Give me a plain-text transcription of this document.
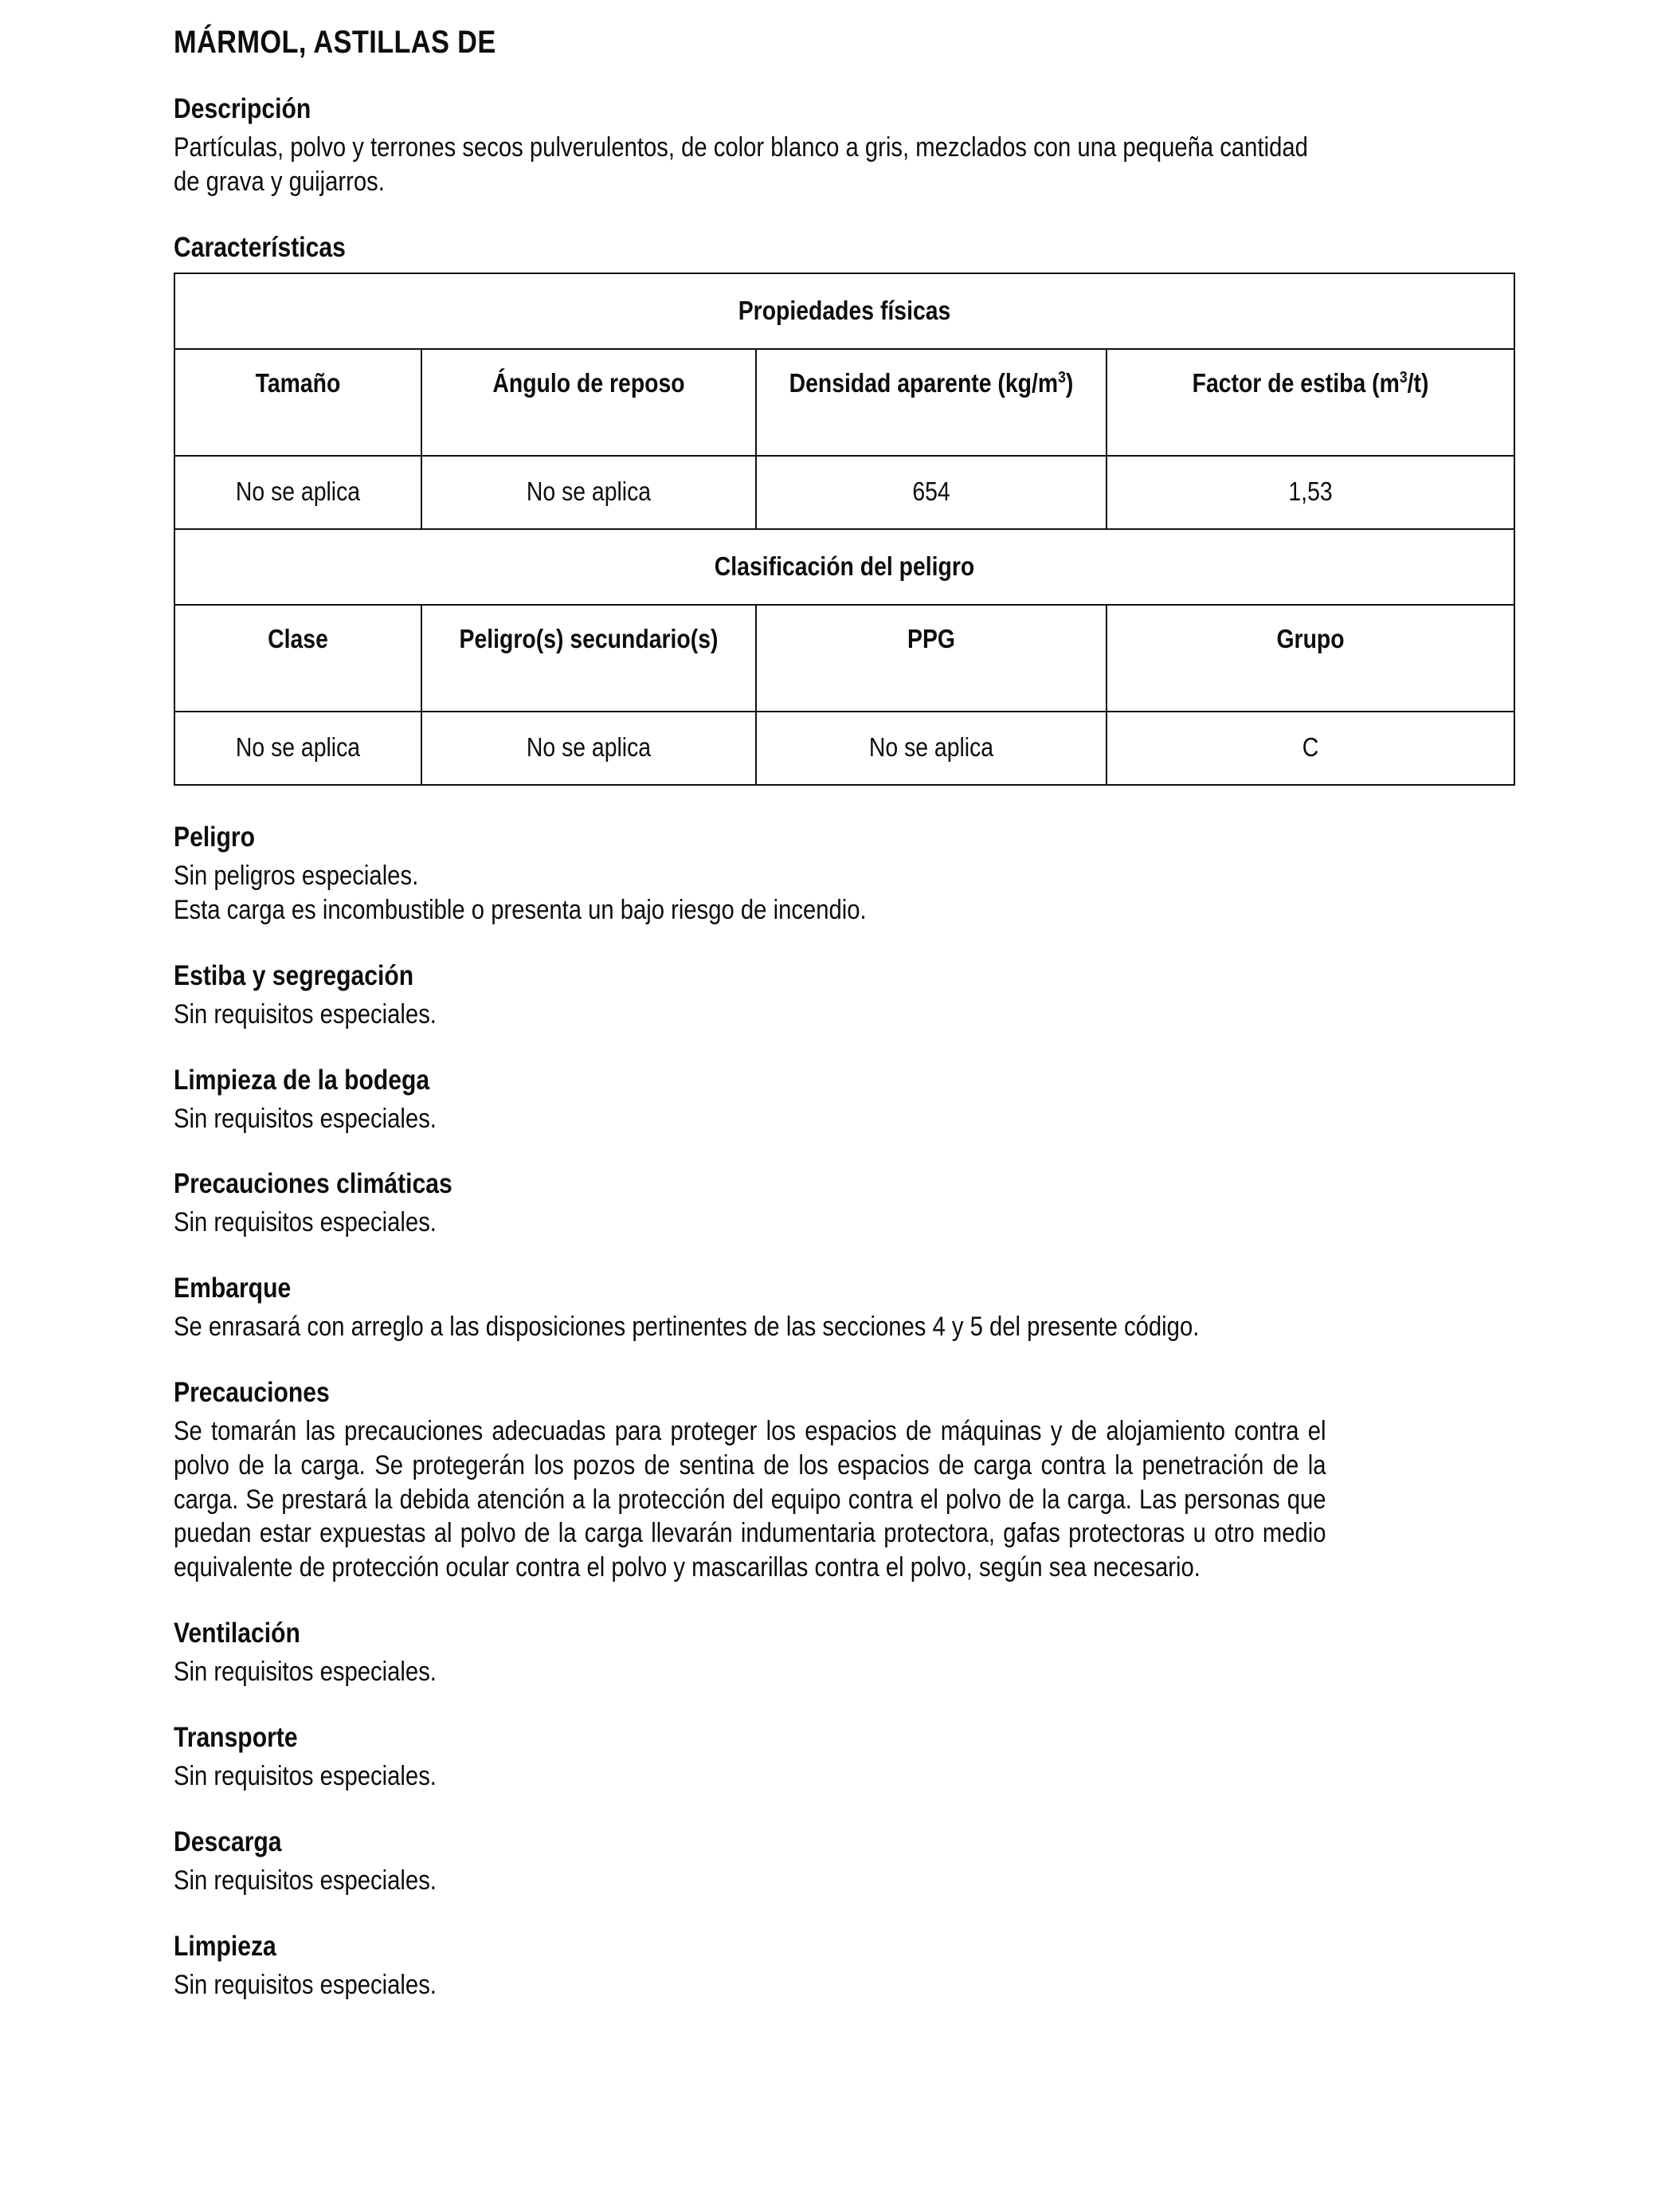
MÁRMOL, ASTILLAS DE
Descripción

Partículas, polvo y terrones secos pulverulentos, de color blanco a gris, mezclados con una pequeña cantidad de grava y guijarros.

Características
Propiedades físicas			

Tamaño	Ángulo de reposo	Densidad aparente $(kg/m^3)$	Factor de estiba $(m^3/t)$

No se aplica	No se aplica	654	1,53

Clasificación del peligro			

Clase	Peligro(s) secundario(s)	PPG	Grupo

No se aplica	No se aplica	No se aplica	C
Peligro

Sin peligros especiales.

Esta carga es incombustible o presenta un bajo riesgo de incendio.

Estiba y segregación

Sin requisitos especiales.

Limpieza de la bodega

Sin requisitos especiales.

Precauciones climáticas

Sin requisitos especiales.

Embarque

Se enrasará con arreglo a las disposiciones pertinentes de las secciones 4 y 5 del presente código.

Precauciones

Se tomarán las precauciones adecuadas para proteger los espacios de máquinas y de alojamiento contra el polvo de la carga. Se protegerán los pozos de sentina de los espacios de carga contra la penetración de la carga. Se prestará la debida atención a la protección del equipo contra el polvo de la carga. Las personas que puedan estar expuestas al polvo de la carga llevarán indumentaria protectora, gafas protectoras u otro medio equivalente de protección ocular contra el polvo y mascarillas contra el polvo, según sea necesario.

Ventilación

Sin requisitos especiales.

Transporte

Sin requisitos especiales.

Descarga

Sin requisitos especiales.

Limpieza

Sin requisitos especiales.
